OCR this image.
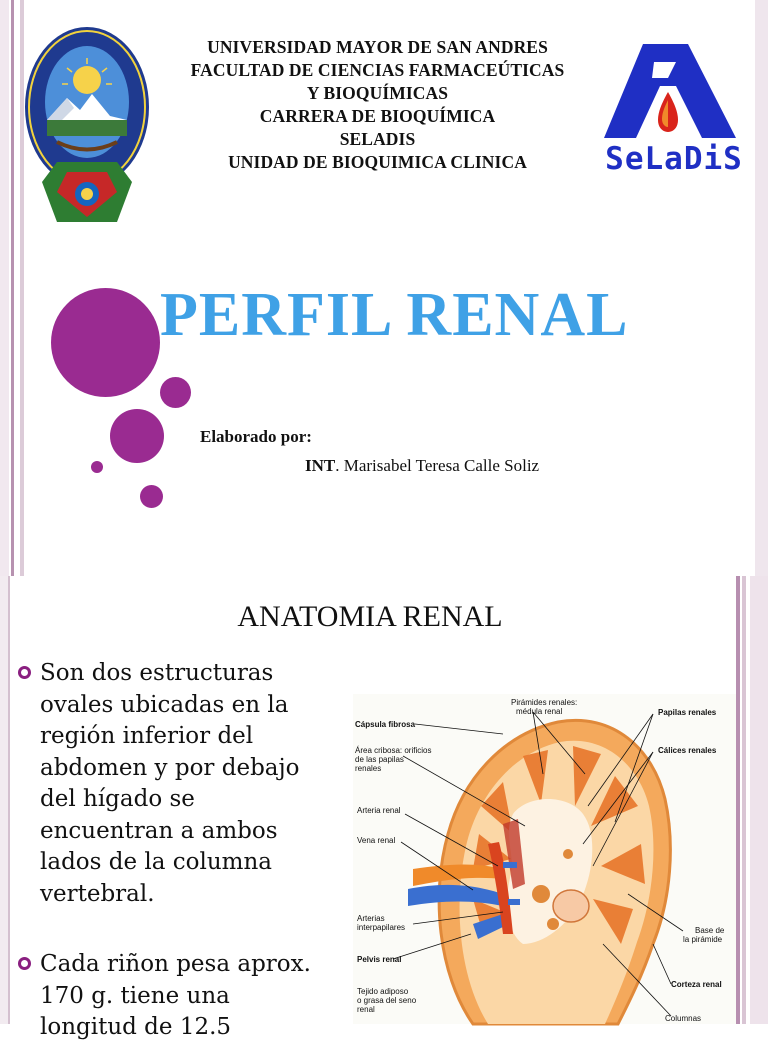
UNIVERSIDAD MAYOR DE SAN ANDRES
FACULTAD DE CIENCIAS FARMACEÚTICAS
Y BIOQUÍMICAS
CARRERA DE BIOQUÍMICA
SELADIS
UNIDAD DE BIOQUIMICA CLINICA	SeLaDiS
PERFIL RENAL
Elaborado por:
INT. Marisabel Teresa Calle Soliz
ANATOMIA RENAL
Son dos estructuras ovales ubicadas en la región inferior del abdomen y por debajo del hígado se encuentran a ambos lados de la columna vertebral.
Cada riñon pesa aprox. 170 g. tiene una longitud de 12.5
Pirámides renales:
médula renal
Cápsula fibrosa
Papilas renales
Área cribosa: orificios
de las papilas
renales
Cálices renales
Arteria renal
Vena renal
Arterias
interpapilares	Base de
la pirámide
Pelvis renal
Corteza renal
Tejido adiposo
o grasa del seno
renal
Columnas
